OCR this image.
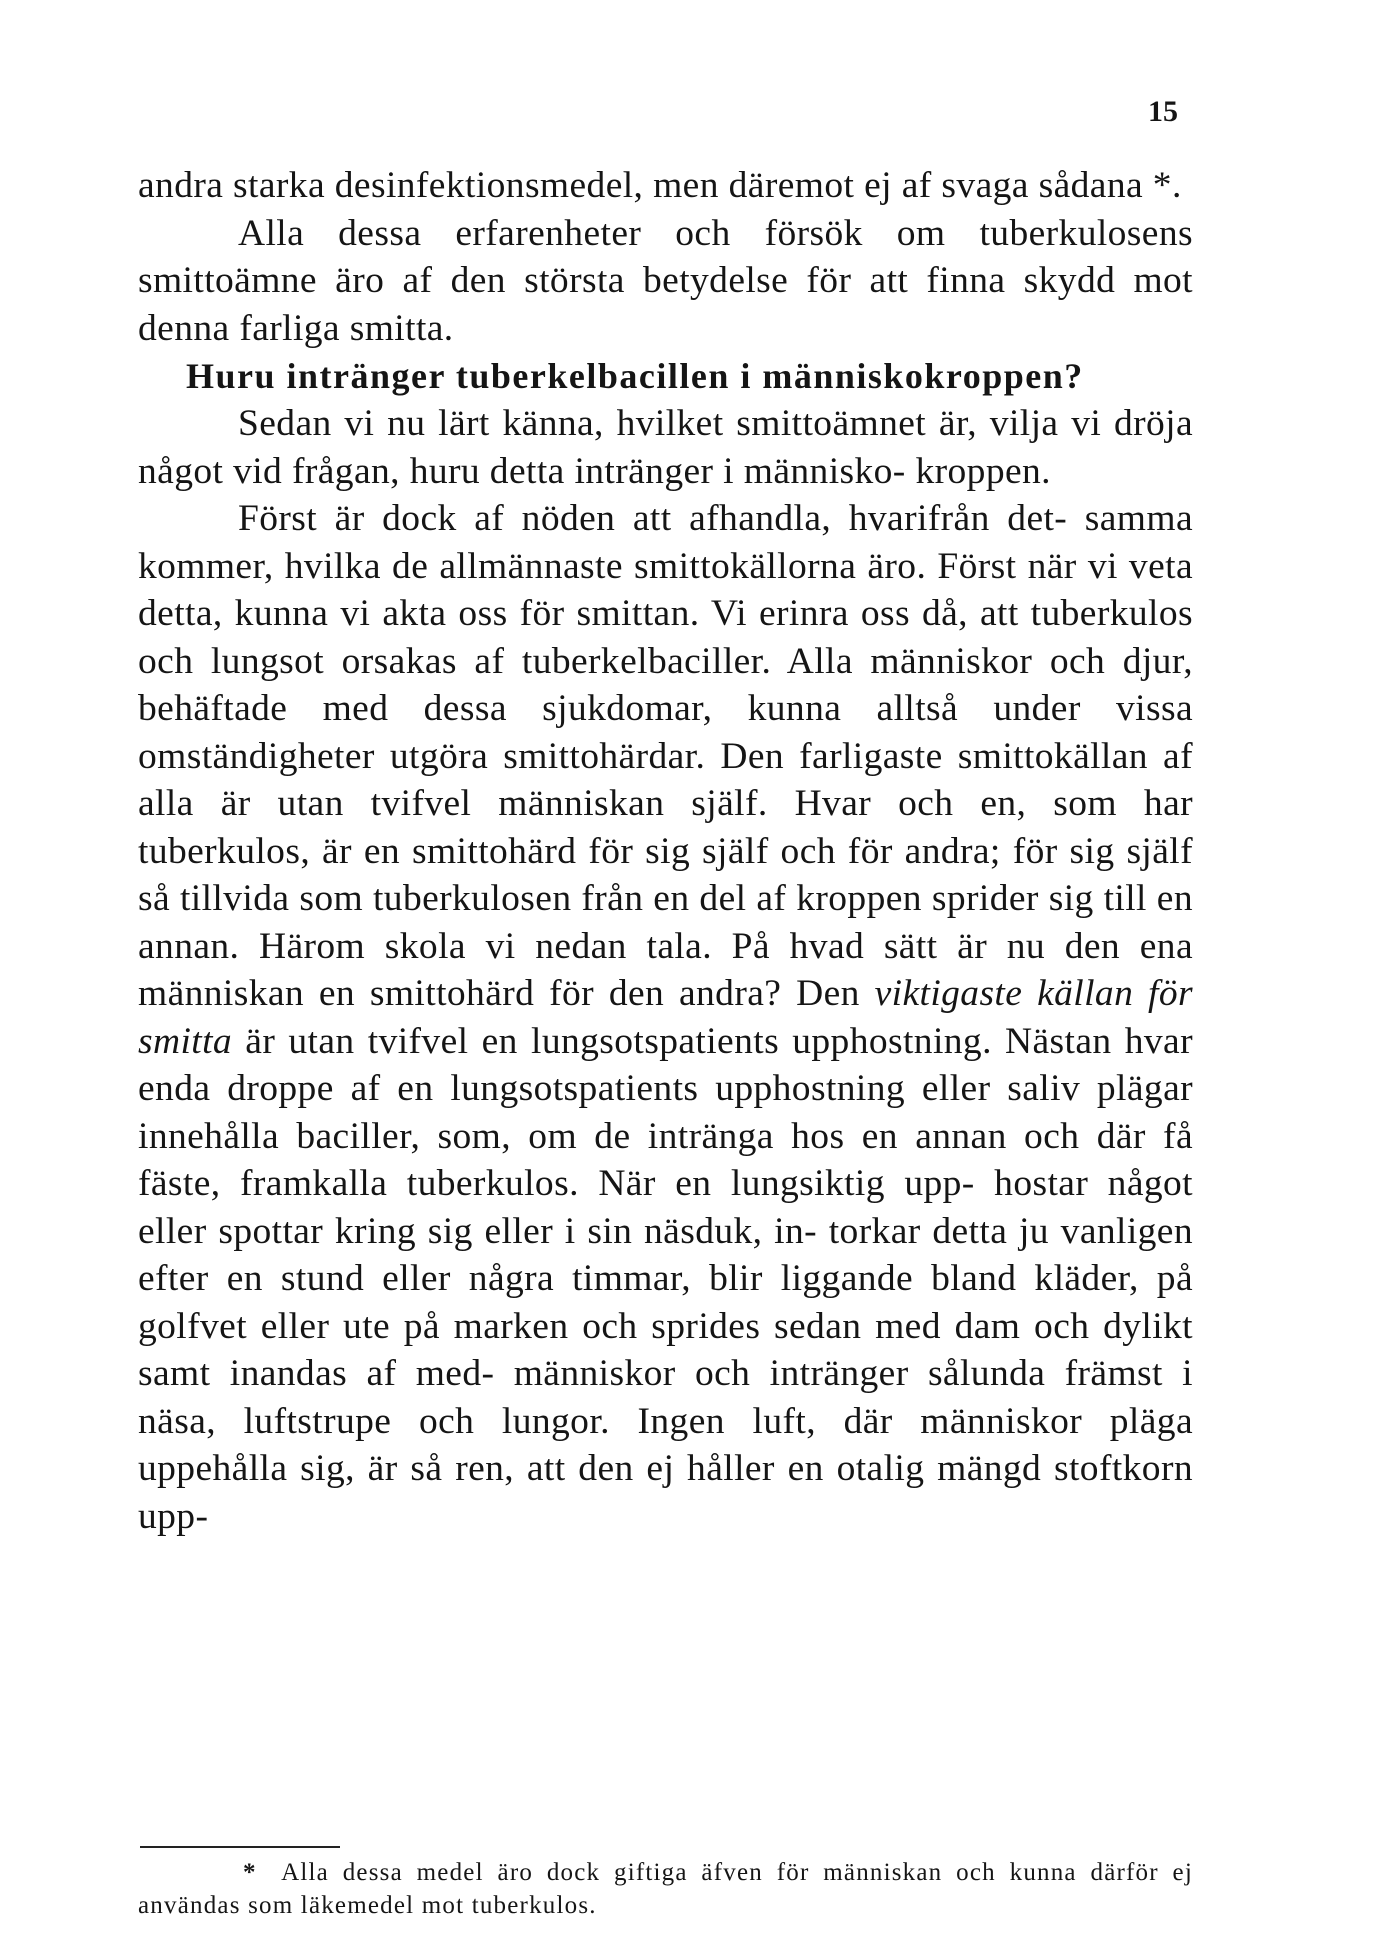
15

andra starka desinfektionsmedel, men däremot ej af svaga sådana *.

Alla dessa erfarenheter och försök om tuberkulosens smittoämne äro af den största betydelse för att finna skydd mot denna farliga smitta.

Huru intränger tuberkelbacillen i människokroppen?

Sedan vi nu lärt känna, hvilket smittoämnet är, vilja vi dröja något vid frågan, huru detta intränger i människo- kroppen.

Först är dock af nöden att afhandla, hvarifrån det- samma kommer, hvilka de allmännaste smittokällorna äro. Först när vi veta detta, kunna vi akta oss för smittan. Vi erinra oss då, att tuberkulos och lungsot orsakas af tuberkelbaciller. Alla människor och djur, behäftade med dessa sjukdomar, kunna alltså under vissa omständigheter utgöra smittohärdar. Den farligaste smittokällan af alla är utan tvifvel människan själf. Hvar och en, som har tuberkulos, är en smittohärd för sig själf och för andra; för sig själf så tillvida som tuberkulosen från en del af kroppen sprider sig till en annan. Härom skola vi nedan tala. På hvad sätt är nu den ena människan en smittohärd för den andra? Den viktigaste källan för smitta är utan tvifvel en lungsotspatients upphostning. Nästan hvar enda droppe af en lungsotspatients upphostning eller saliv plägar innehålla baciller, som, om de intränga hos en annan och där få fäste, framkalla tuberkulos. När en lungsiktig upp- hostar något eller spottar kring sig eller i sin näsduk, in- torkar detta ju vanligen efter en stund eller några timmar, blir liggande bland kläder, på golfvet eller ute på marken och sprides sedan med dam och dylikt samt inandas af med- människor och intränger sålunda främst i näsa, luftstrupe och lungor. Ingen luft, där människor pläga uppehålla sig, är så ren, att den ej håller en otalig mängd stoftkorn upp-

* Alla dessa medel äro dock giftiga äfven för människan och kunna därför ej användas som läkemedel mot tuberkulos.
